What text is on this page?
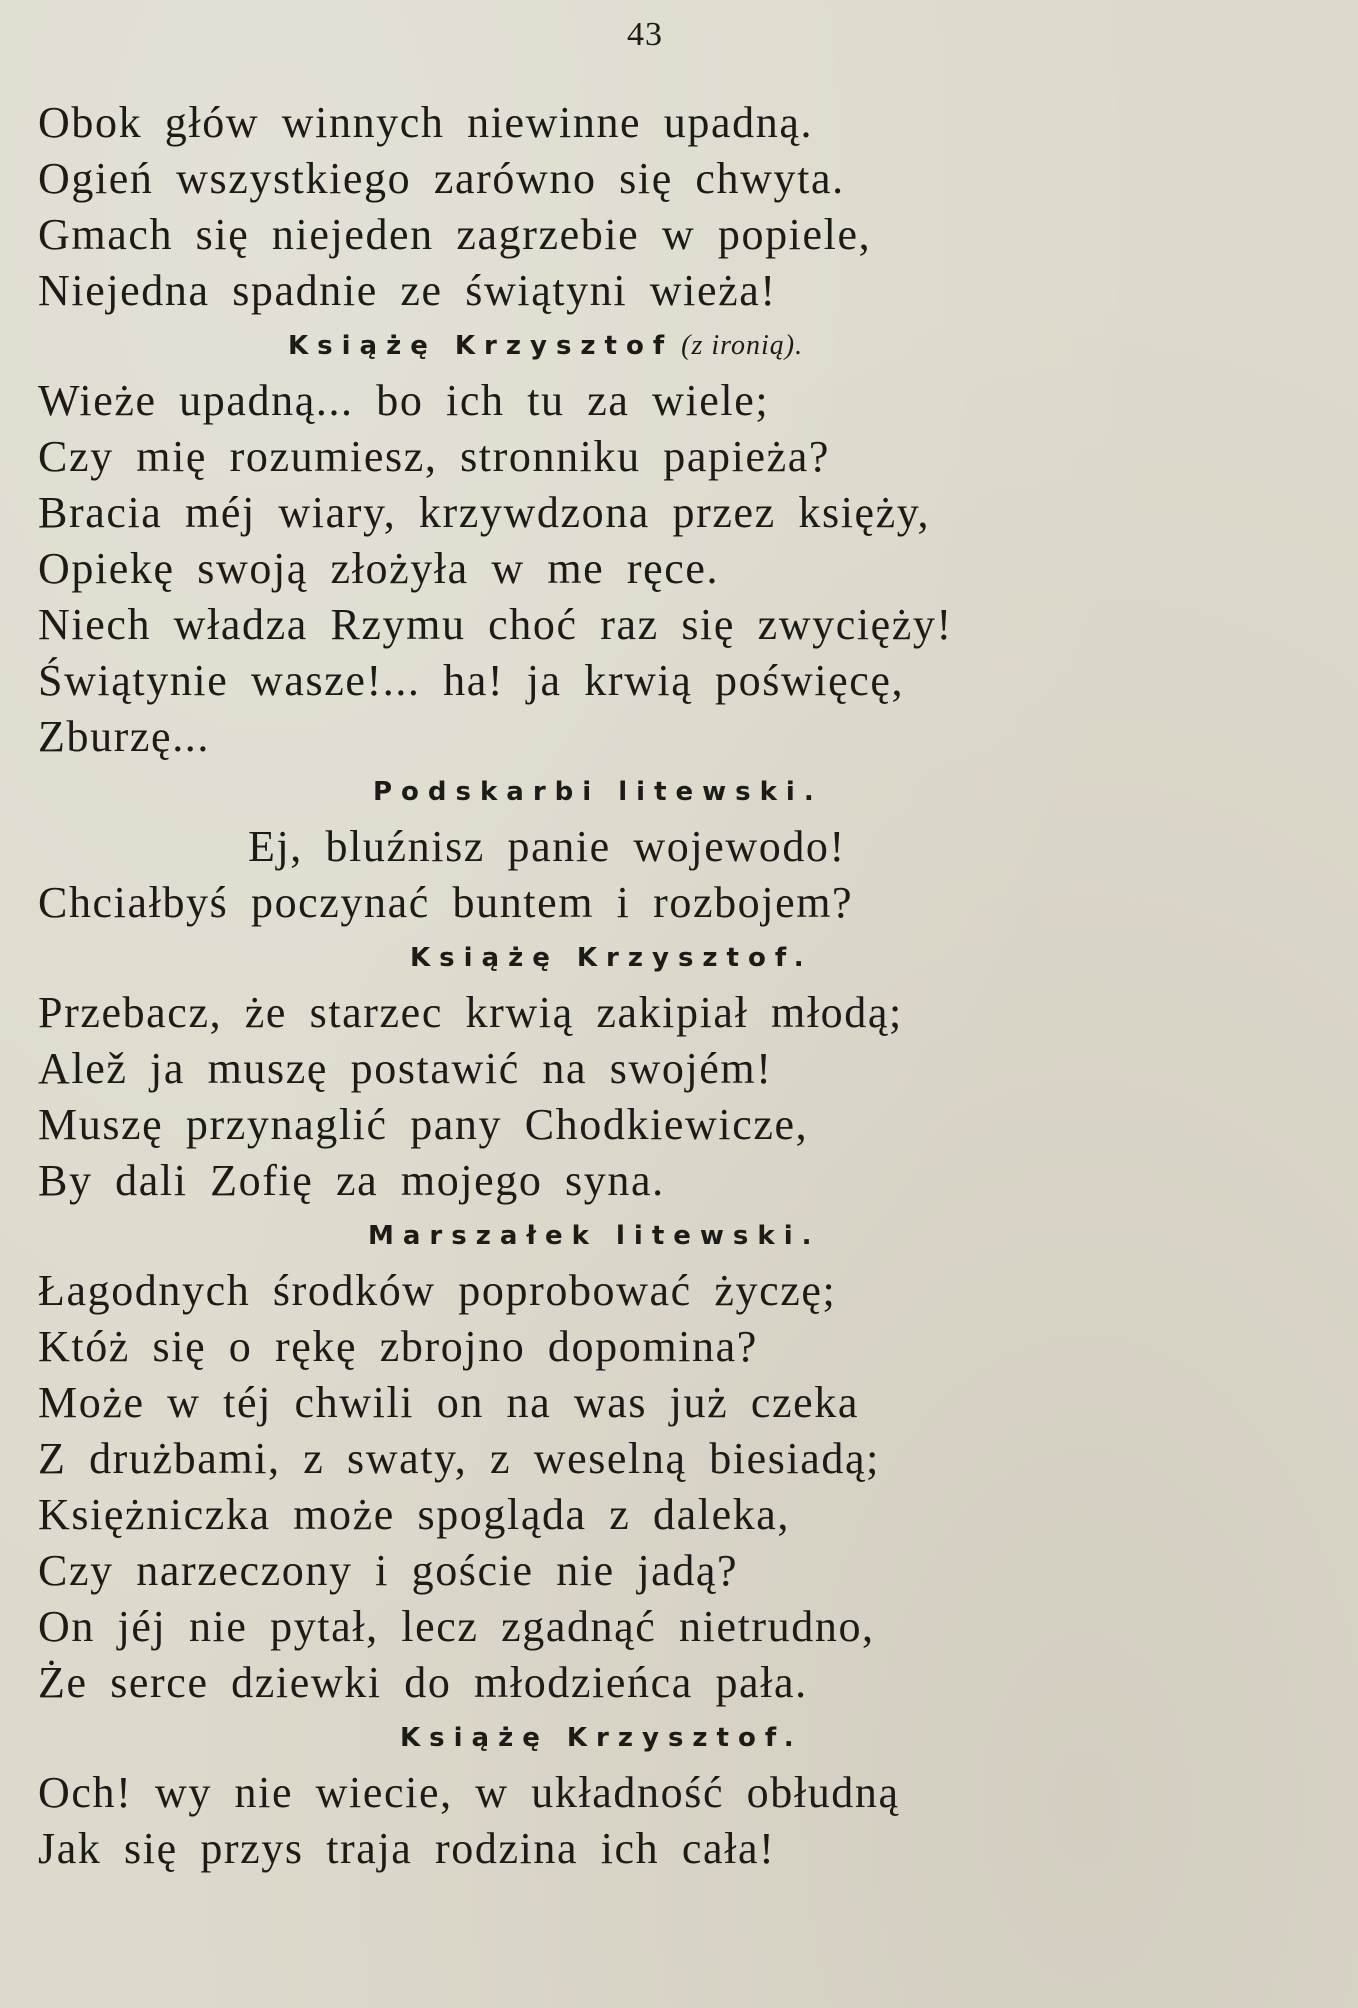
43
Obok głów winnych niewinne upadną.
Ogień wszystkiego zarówno się chwyta.
Gmach się niejeden zagrzebie w popiele,
Niejedna spadnie ze świątyni wieża!
Książę Krzysztof (z ironią).
Wieże upadną... bo ich tu za wiele;
Czy mię rozumiesz, stronniku papieża?
Bracia méj wiary, krzywdzona przez księży,
Opiekę swoją złożyła w me ręce.
Niech władza Rzymu choć raz się zwycięży!
Świątynie wasze!... ha! ja krwią poświęcę,
Zburzę...
Podskarbi litewski.
Ej, bluźnisz panie wojewodo!
Chciałbyś poczynać buntem i rozbojem?
Książę Krzysztof.
Przebacz, że starzec krwią zakipiał młodą;
Alež ja muszę postawić na swojém!
Muszę przynaglić pany Chodkiewicze,
By dali Zofię za mojego syna.
Marszałek litewski.
Łagodnych środków poprobować życzę;
Któż się o rękę zbrojno dopomina?
Może w téj chwili on na was już czeka
Z drużbami, z swaty, z weselną biesiadą;
Księżniczka może spogląda z daleka,
Czy narzeczony i goście nie jadą?
On jéj nie pytał, lecz zgadnąć nietrudno,
Że serce dziewki do młodzieńca pała.
Książę Krzysztof.
Och! wy nie wiecie, w układność obłudną
Jak się przys traja rodzina ich cała!
